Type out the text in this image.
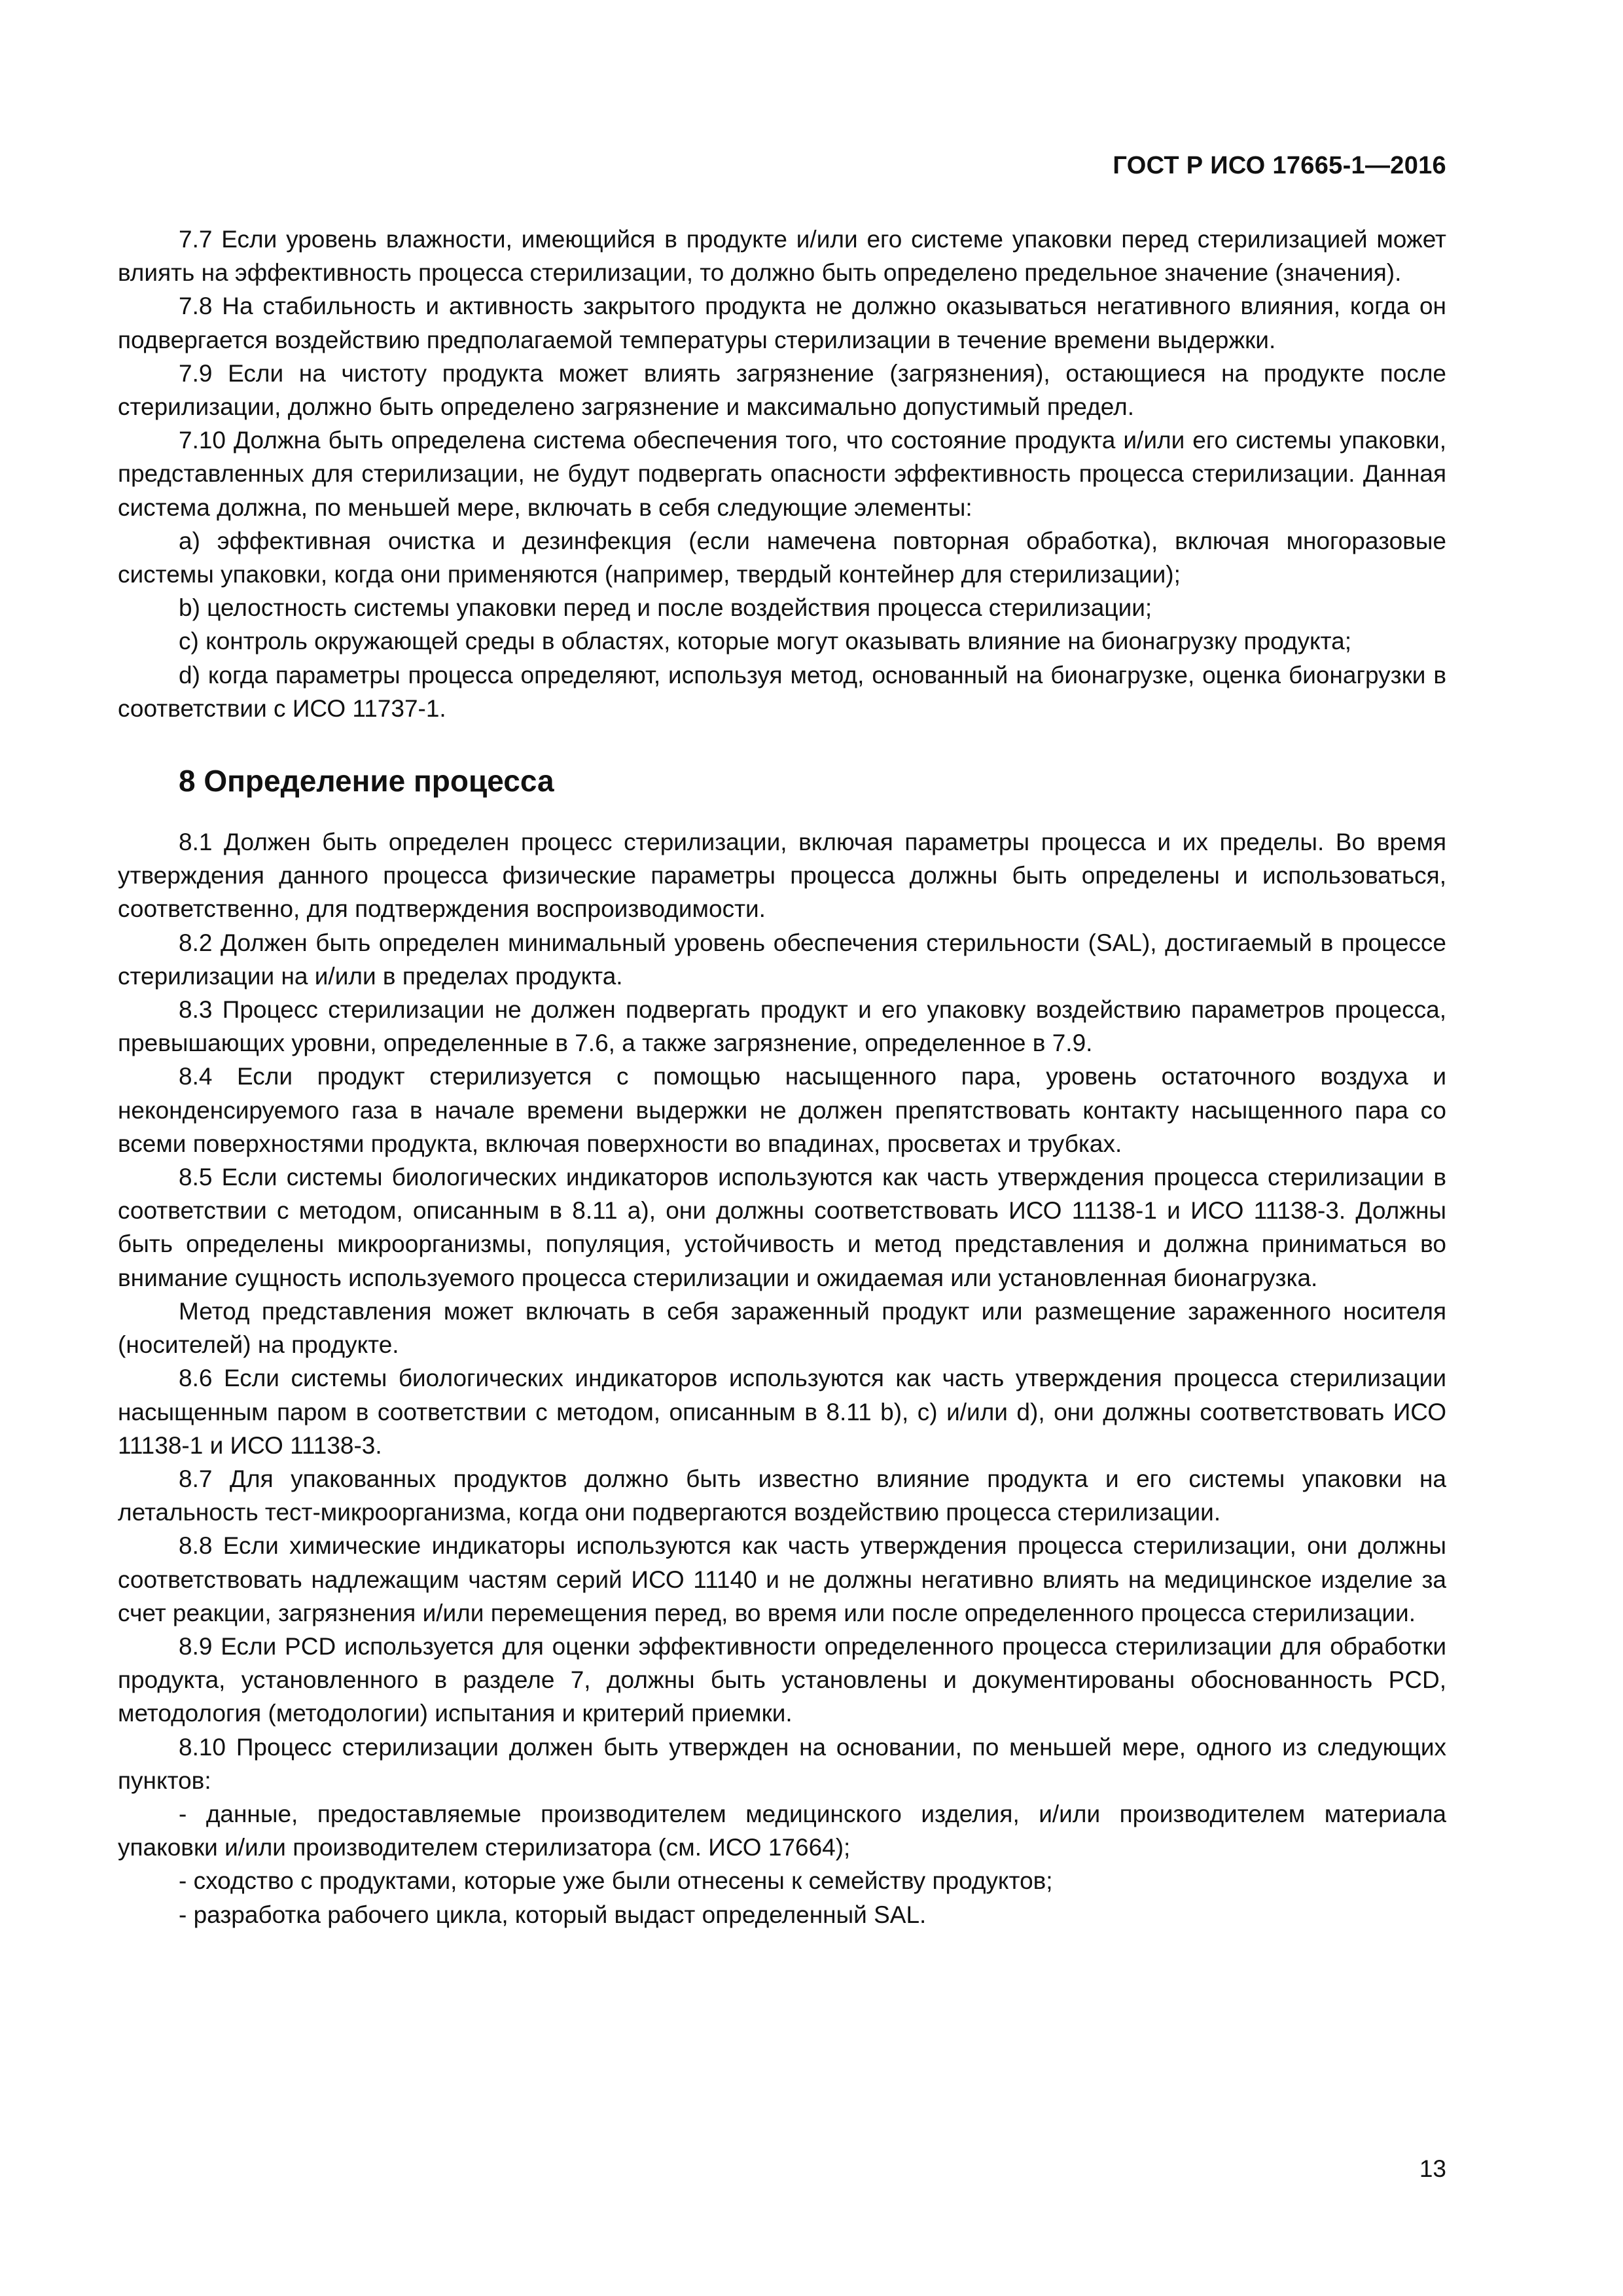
ГОСТ Р ИСО 17665-1—2016

7.7 Если уровень влажности, имеющийся в продукте и/или его системе упаковки перед стерилизацией может влиять на эффективность процесса стерилизации, то должно быть определено предельное значение (значения).

7.8 На стабильность и активность закрытого продукта не должно оказываться негативного влияния, когда он подвергается воздействию предполагаемой температуры стерилизации в течение времени выдержки.

7.9 Если на чистоту продукта может влиять загрязнение (загрязнения), остающиеся на продукте после стерилизации, должно быть определено загрязнение и максимально допустимый предел.

7.10 Должна быть определена система обеспечения того, что состояние продукта и/или его системы упаковки, представленных для стерилизации, не будут подвергать опасности эффективность процесса стерилизации. Данная система должна, по меньшей мере, включать в себя следующие элементы:

a) эффективная очистка и дезинфекция (если намечена повторная обработка), включая многоразовые системы упаковки, когда они применяются (например, твердый контейнер для стерилизации);

b) целостность системы упаковки перед и после воздействия процесса стерилизации;

c) контроль окружающей среды в областях, которые могут оказывать влияние на бионагрузку продукта;

d) когда параметры процесса определяют, используя метод, основанный на бионагрузке, оценка бионагрузки в соответствии с ИСО 11737-1.

8 Определение процесса

8.1 Должен быть определен процесс стерилизации, включая параметры процесса и их пределы. Во время утверждения данного процесса физические параметры процесса должны быть определены и использоваться, соответственно, для подтверждения воспроизводимости.

8.2 Должен быть определен минимальный уровень обеспечения стерильности (SAL), достигаемый в процессе стерилизации на и/или в пределах продукта.

8.3 Процесс стерилизации не должен подвергать продукт и его упаковку воздействию параметров процесса, превышающих уровни, определенные в 7.6, а также загрязнение, определенное в 7.9.

8.4 Если продукт стерилизуется с помощью насыщенного пара, уровень остаточного воздуха и неконденсируемого газа в начале времени выдержки не должен препятствовать контакту насыщенного пара со всеми поверхностями продукта, включая поверхности во впадинах, просветах и трубках.

8.5 Если системы биологических индикаторов используются как часть утверждения процесса стерилизации в соответствии с методом, описанным в 8.11 a), они должны соответствовать ИСО 11138-1 и ИСО 11138-3. Должны быть определены микроорганизмы, популяция, устойчивость и метод представления и должна приниматься во внимание сущность используемого процесса стерилизации и ожидаемая или установленная бионагрузка.

Метод представления может включать в себя зараженный продукт или размещение зараженного носителя (носителей) на продукте.

8.6 Если системы биологических индикаторов используются как часть утверждения процесса стерилизации насыщенным паром в соответствии с методом, описанным в 8.11 b), c) и/или d), они должны соответствовать ИСО 11138-1 и ИСО 11138-3.

8.7 Для упакованных продуктов должно быть известно влияние продукта и его системы упаковки на летальность тест-микроорганизма, когда они подвергаются воздействию процесса стерилизации.

8.8 Если химические индикаторы используются как часть утверждения процесса стерилизации, они должны соответствовать надлежащим частям серий ИСО 11140 и не должны негативно влиять на медицинское изделие за счет реакции, загрязнения и/или перемещения перед, во время или после определенного процесса стерилизации.

8.9 Если PCD используется для оценки эффективности определенного процесса стерилизации для обработки продукта, установленного в разделе 7, должны быть установлены и документированы обоснованность PCD, методология (методологии) испытания и критерий приемки.

8.10 Процесс стерилизации должен быть утвержден на основании, по меньшей мере, одного из следующих пунктов:

- данные, предоставляемые производителем медицинского изделия, и/или производителем материала упаковки и/или производителем стерилизатора (см. ИСО 17664);

- сходство с продуктами, которые уже были отнесены к семейству продуктов;

- разработка рабочего цикла, который выдаст определенный SAL.

13
